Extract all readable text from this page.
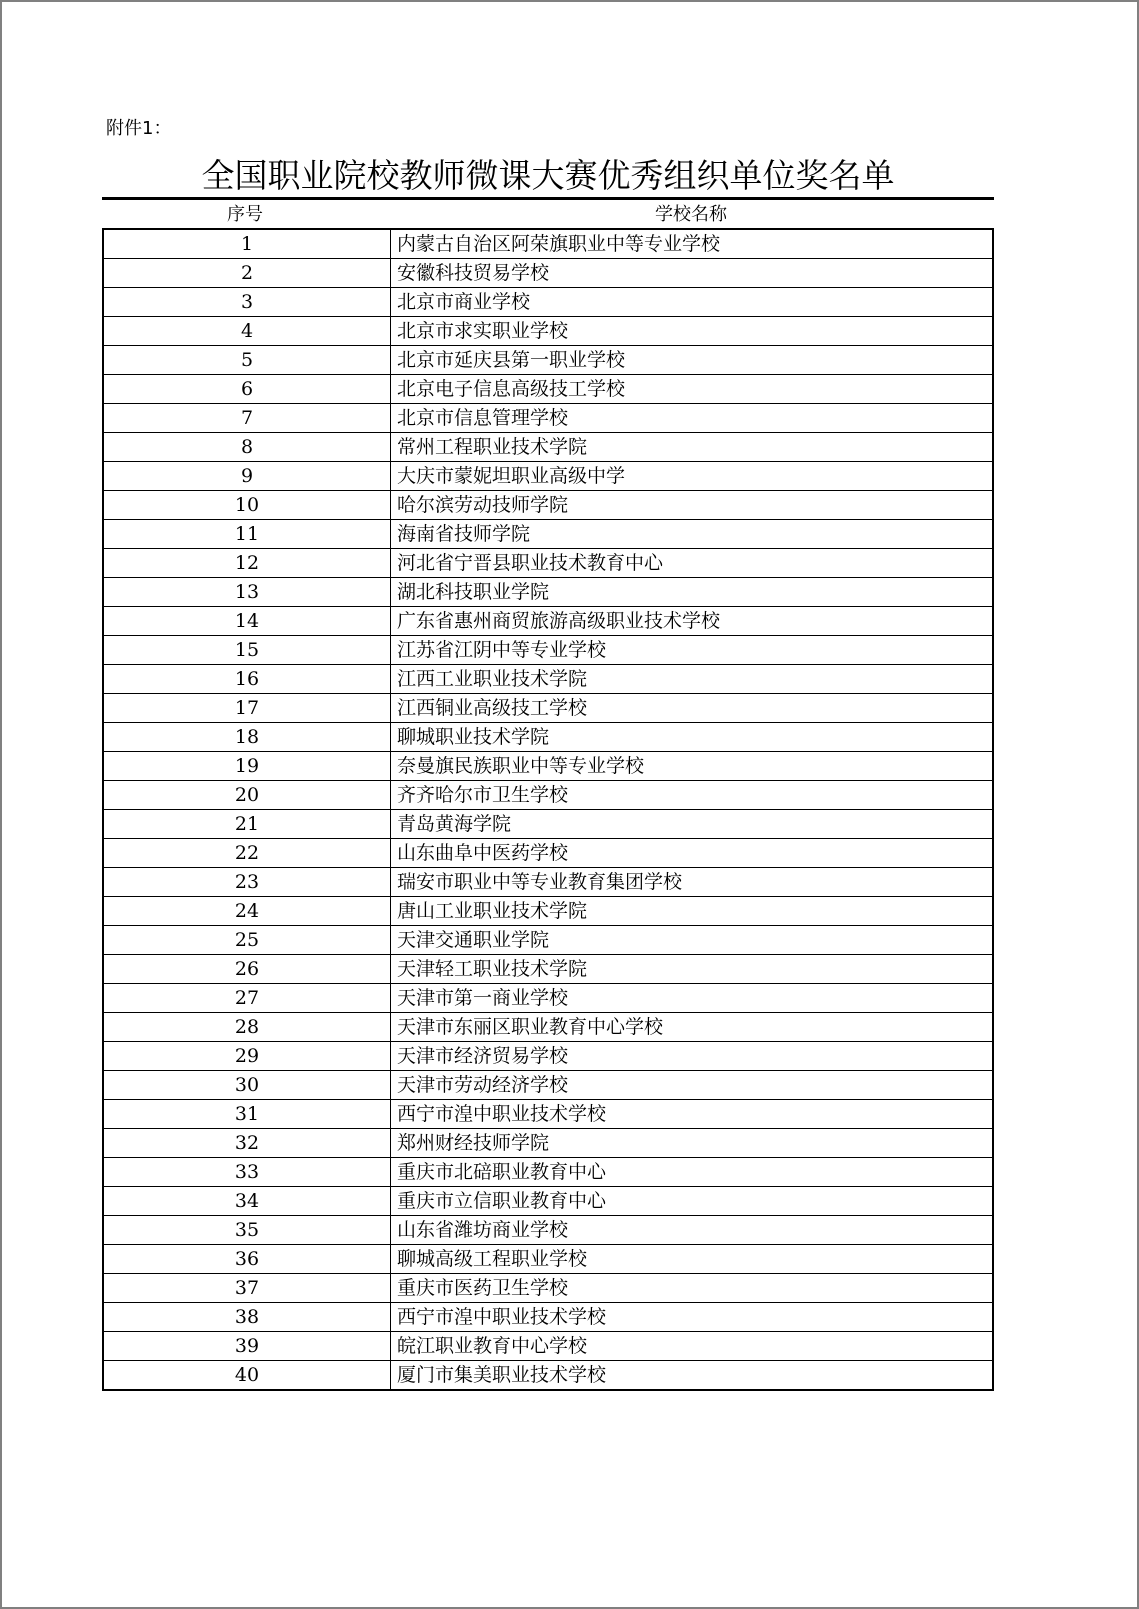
附件1：
全国职业院校教师微课大赛优秀组织单位奖名单
序号	学校名称
1	内蒙古自治区阿荣旗职业中等专业学校
2	安徽科技贸易学校
3	北京市商业学校
4	北京市求实职业学校
5	北京市延庆县第一职业学校
6	北京电子信息高级技工学校
7	北京市信息管理学校
8	常州工程职业技术学院
9	大庆市蒙妮坦职业高级中学
10	哈尔滨劳动技师学院
11	海南省技师学院
12	河北省宁晋县职业技术教育中心
13	湖北科技职业学院
14	广东省惠州商贸旅游高级职业技术学校
15	江苏省江阴中等专业学校
16	江西工业职业技术学院
17	江西铜业高级技工学校
18	聊城职业技术学院
19	奈曼旗民族职业中等专业学校
20	齐齐哈尔市卫生学校
21	青岛黄海学院
22	山东曲阜中医药学校
23	瑞安市职业中等专业教育集团学校
24	唐山工业职业技术学院
25	天津交通职业学院
26	天津轻工职业技术学院
27	天津市第一商业学校
28	天津市东丽区职业教育中心学校
29	天津市经济贸易学校
30	天津市劳动经济学校
31	西宁市湟中职业技术学校
32	郑州财经技师学院
33	重庆市北碚职业教育中心
34	重庆市立信职业教育中心
35	山东省潍坊商业学校
36	聊城高级工程职业学校
37	重庆市医药卫生学校
38	西宁市湟中职业技术学校
39	皖江职业教育中心学校
40	厦门市集美职业技术学校
